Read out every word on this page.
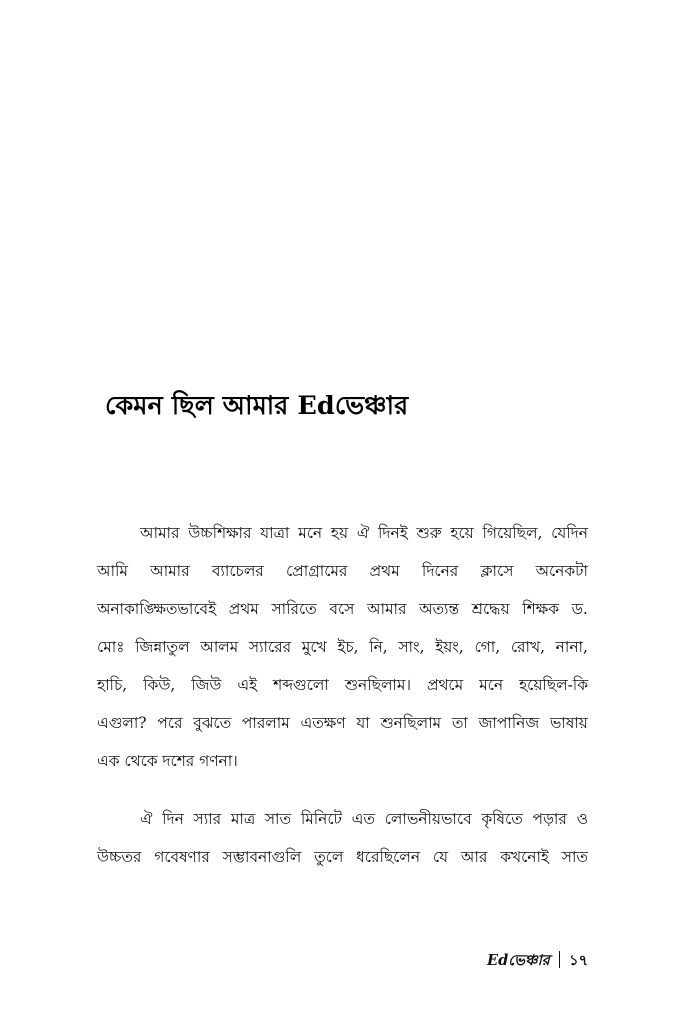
কেমন ছিল আমার Edভেঞ্চার
আমার উচ্চশিক্ষার যাত্রা মনে হয় ঐ দিনই শুরু হয়ে গিয়েছিল, যেদিন
আমি আমার ব্যাচেলর প্রোগ্রামের প্রথম দিনের ক্লাসে অনেকটা
অনাকাঙ্ক্ষিতভাবেই প্রথম সারিতে বসে আমার অত্যন্ত শ্রদ্ধেয় শিক্ষক ড.
মোঃ জিন্নাতুল আলম স্যারের মুখে ইচ, নি, সাং, ইয়ং, গো, রোখ, নানা,
হাচি, কিউ, জিউ এই শব্দগুলো শুনছিলাম। প্রথমে মনে হয়েছিল-কি
এগুলা? পরে বুঝতে পারলাম এতক্ষণ যা শুনছিলাম তা জাপানিজ ভাষায়
এক থেকে দশের গণনা।
ঐ দিন স্যার মাত্র সাত মিনিটে এত লোভনীয়ভাবে কৃষিতে পড়ার ও
উচ্চতর গবেষণার সম্ভাবনাগুলি তুলে ধরেছিলেন যে আর কখনোই সাত
Edভেঞ্চার ১৭
